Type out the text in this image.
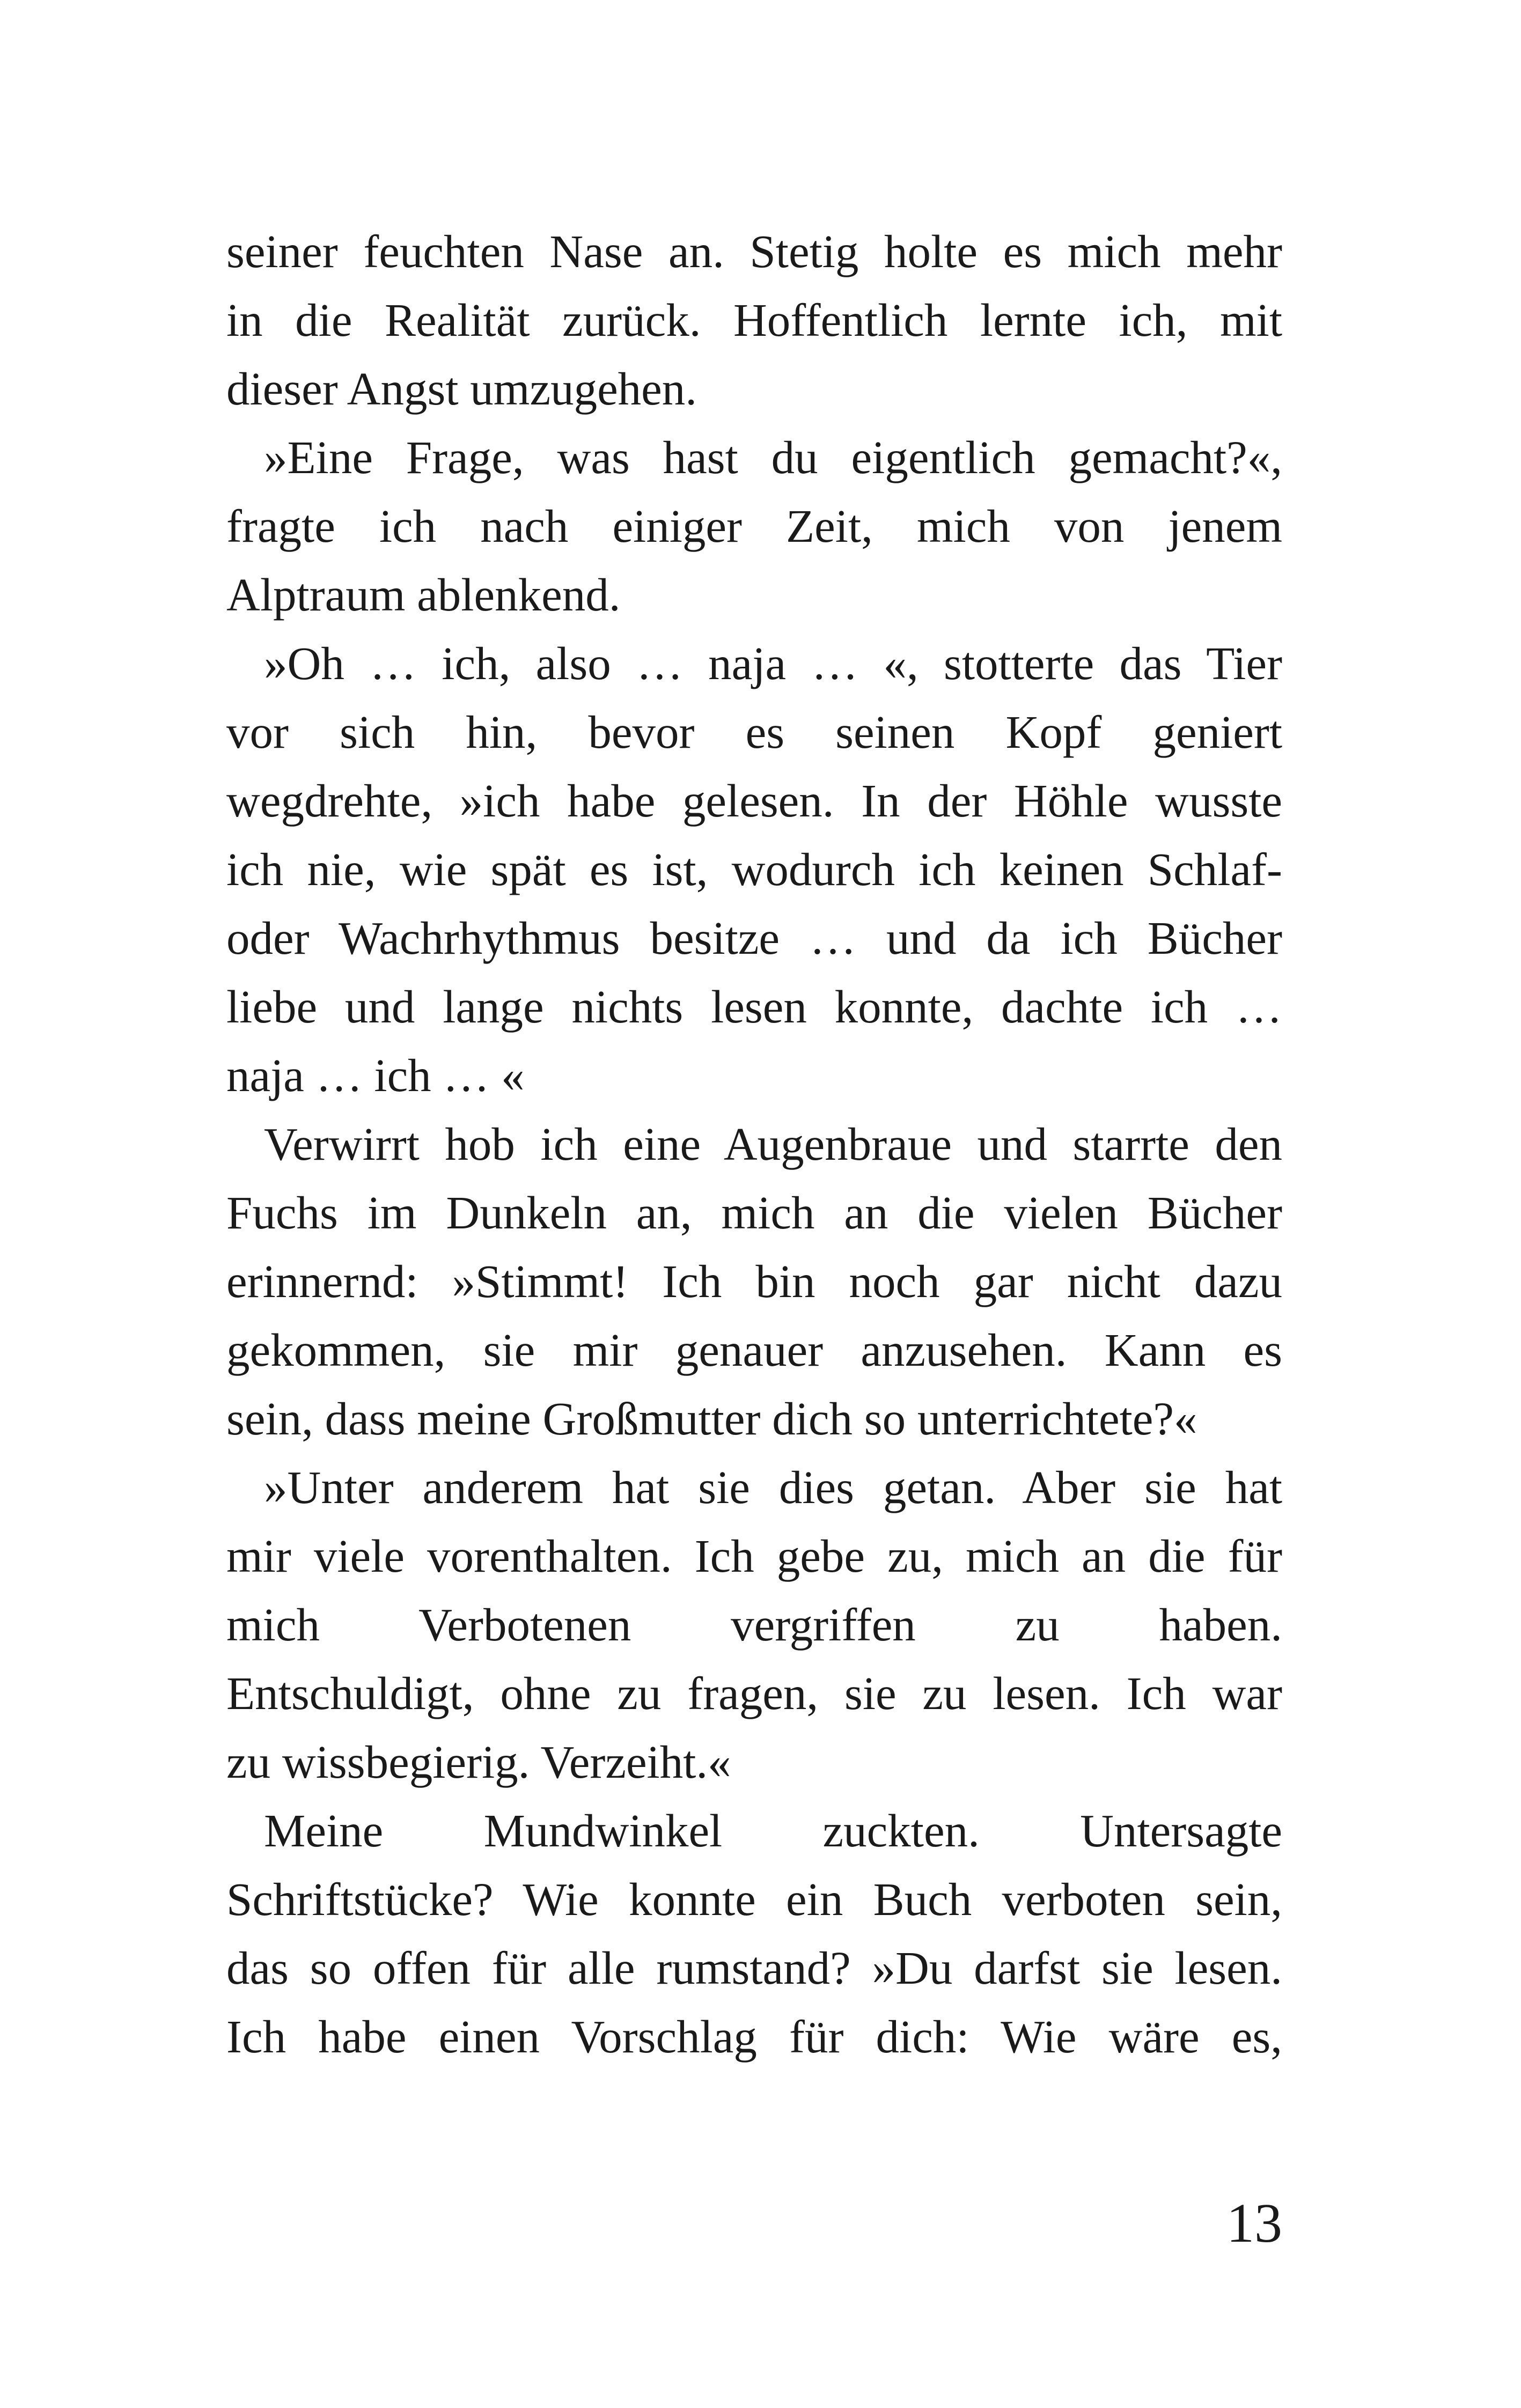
seiner feuchten Nase an. Stetig holte es mich mehr
in die Realität zurück. Hoffentlich lernte ich, mit
dieser Angst umzugehen.
»Eine Frage, was hast du eigentlich gemacht?«,
fragte ich nach einiger Zeit, mich von jenem
Alptraum ablenkend.
»Oh … ich, also … naja … «, stotterte das Tier
vor sich hin, bevor es seinen Kopf geniert
wegdrehte, »ich habe gelesen. In der Höhle wusste
ich nie, wie spät es ist, wodurch ich keinen Schlaf-
oder Wachrhythmus besitze … und da ich Bücher
liebe und lange nichts lesen konnte, dachte ich …
naja … ich … «
Verwirrt hob ich eine Augenbraue und starrte den
Fuchs im Dunkeln an, mich an die vielen Bücher
erinnernd: »Stimmt! Ich bin noch gar nicht dazu
gekommen, sie mir genauer anzusehen. Kann es
sein, dass meine Großmutter dich so unterrichtete?«
»Unter anderem hat sie dies getan. Aber sie hat
mir viele vorenthalten. Ich gebe zu, mich an die für
mich Verbotenen vergriffen zu haben.
Entschuldigt, ohne zu fragen, sie zu lesen. Ich war
zu wissbegierig. Verzeiht.«
Meine Mundwinkel zuckten. Untersagte
Schriftstücke? Wie konnte ein Buch verboten sein,
das so offen für alle rumstand? »Du darfst sie lesen.
Ich habe einen Vorschlag für dich: Wie wäre es,
13
